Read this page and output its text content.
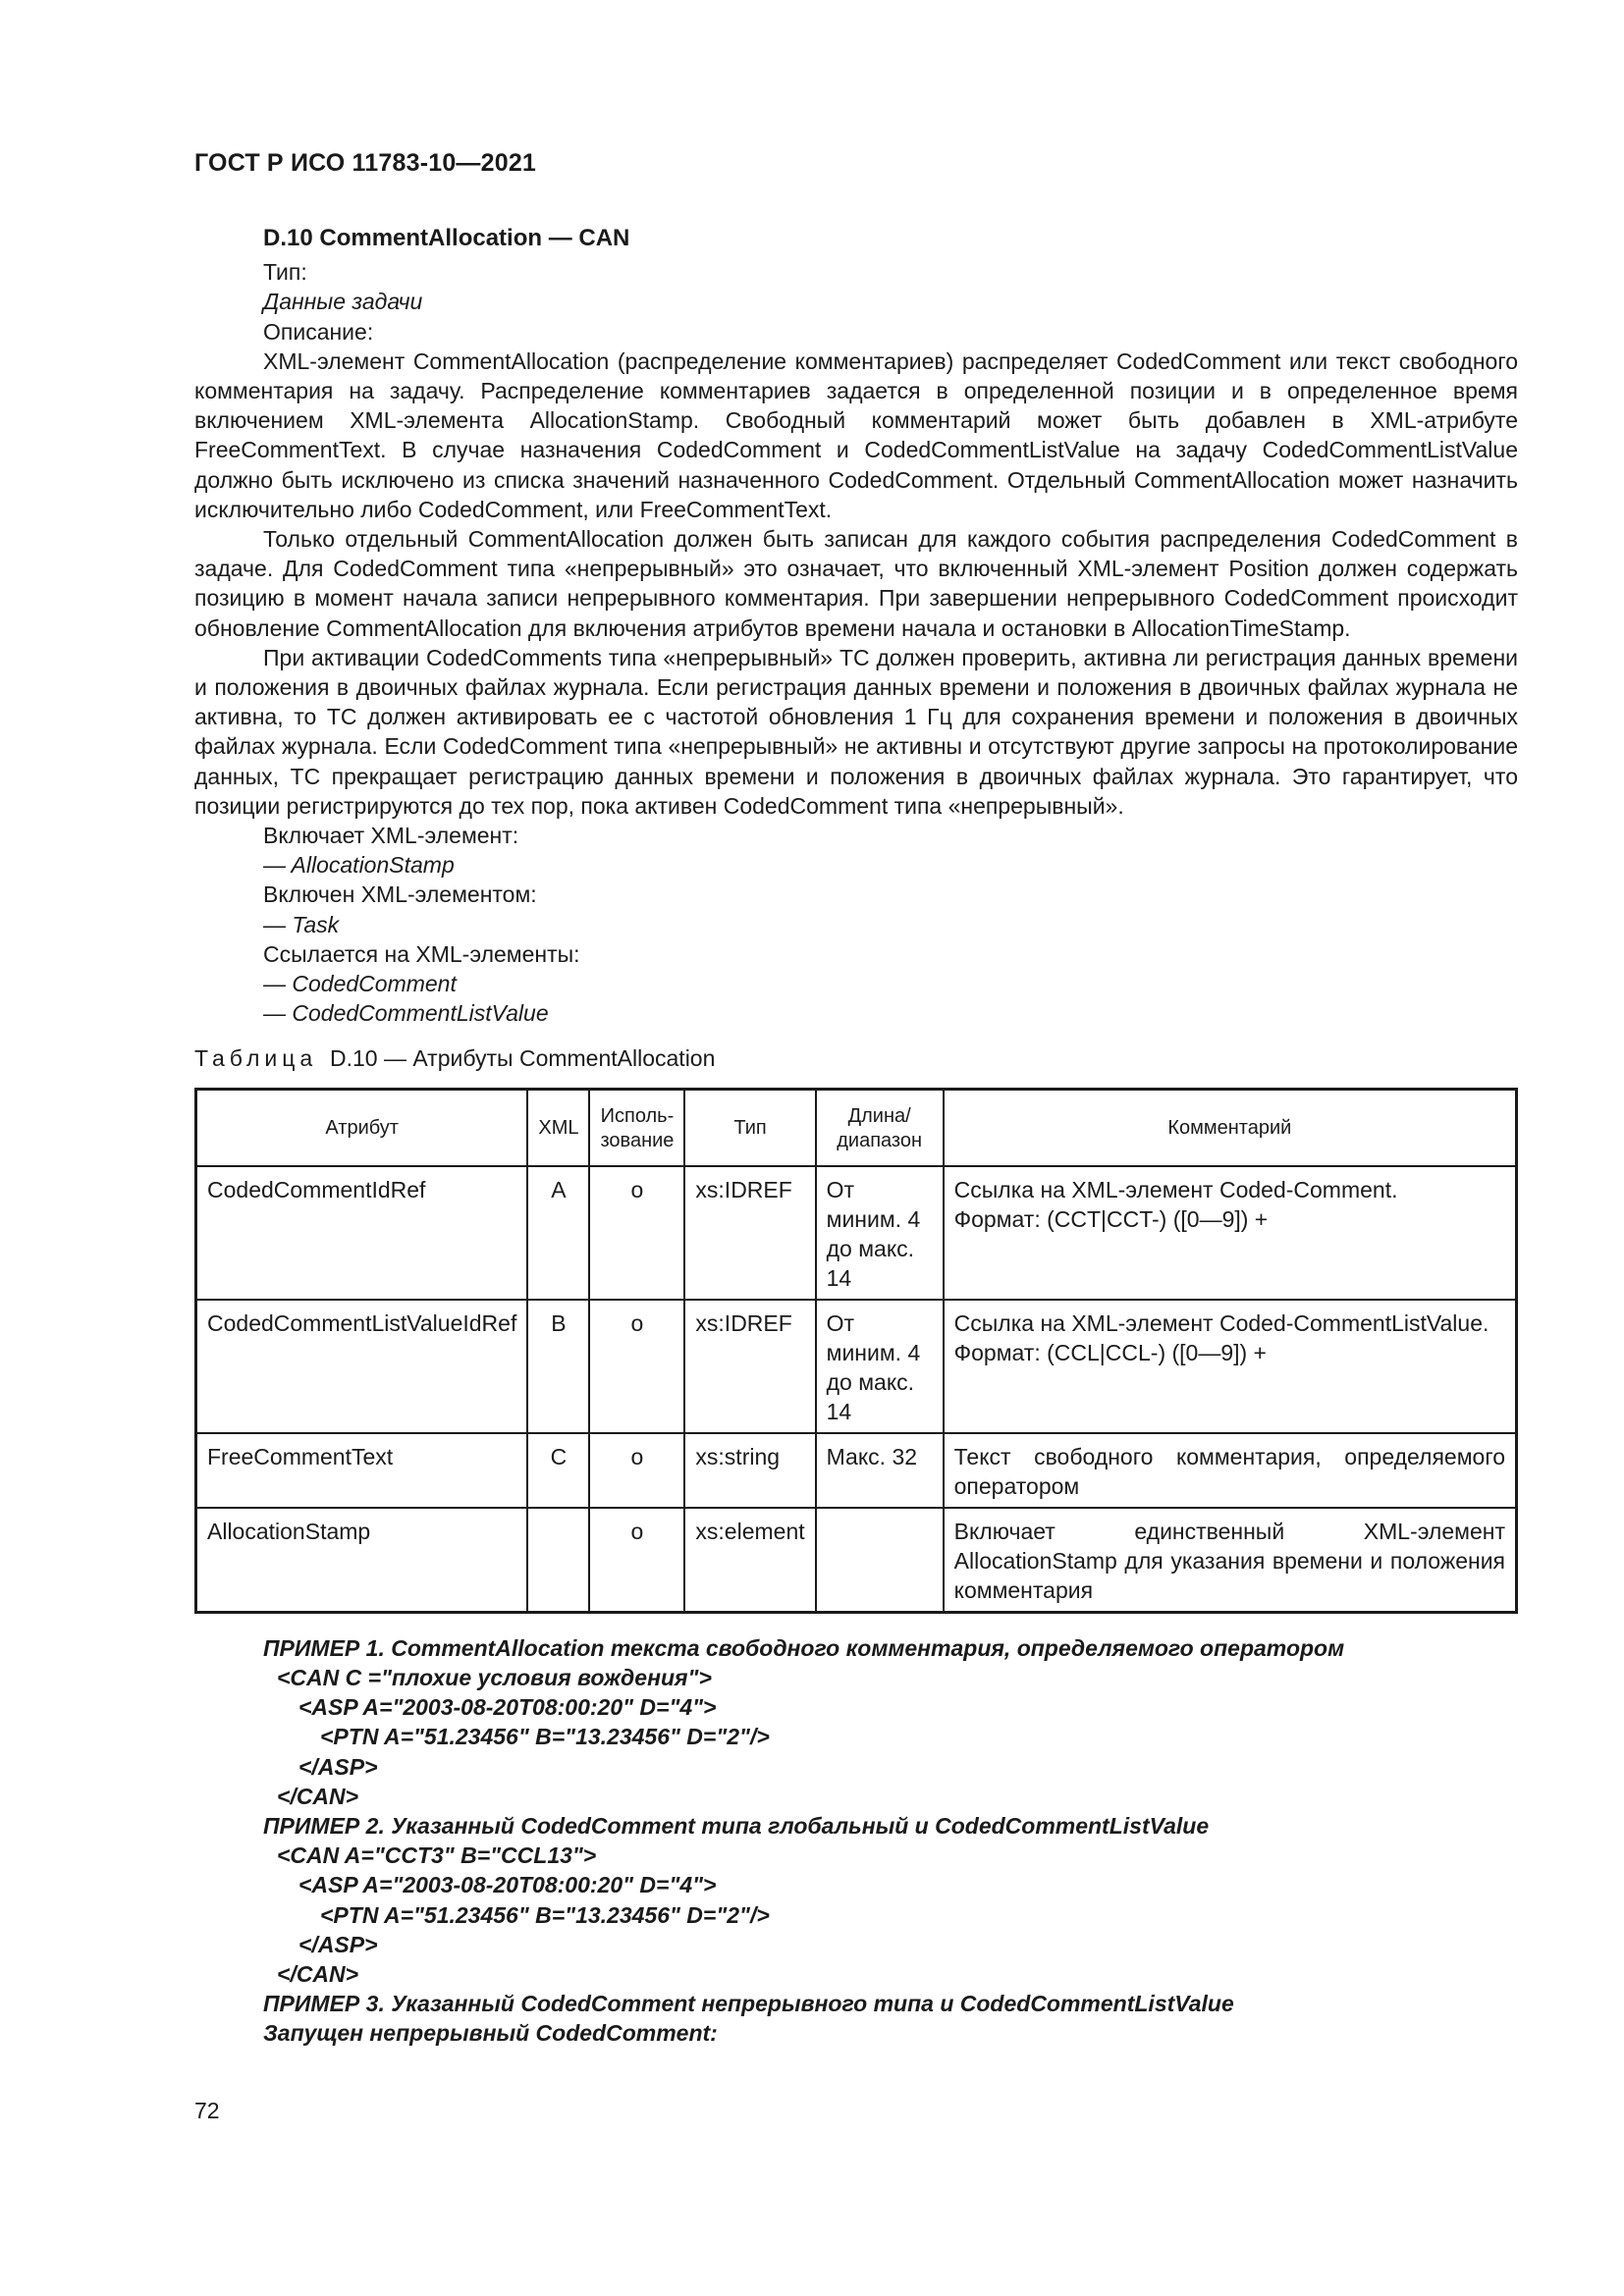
ГОСТ Р ИСО 11783-10—2021

D.10 CommentAllocation — CAN

Тип:

Данные задачи

Описание:

XML-элемент CommentAllocation (распределение комментариев) распределяет CodedComment или текст свободного комментария на задачу. Распределение комментариев задается в определенной позиции и в определенное время включением XML-элемента AllocationStamp. Свободный комментарий может быть добавлен в XML-атрибуте FreeCommentText. В случае назначения CodedComment и CodedCommentListValue на задачу CodedCommentListValue должно быть исключено из списка значений назначенного CodedComment. Отдельный CommentAllocation может назначить исключительно либо CodedComment, или FreeCommentText.

Только отдельный CommentAllocation должен быть записан для каждого события распределения CodedComment в задаче. Для CodedComment типа «непрерывный» это означает, что включенный XML-элемент Position должен содержать позицию в момент начала записи непрерывного комментария. При завершении непрерывного CodedComment происходит обновление CommentAllocation для включения атрибутов времени начала и остановки в AllocationTimeStamp.

При активации CodedComments типа «непрерывный» ТС должен проверить, активна ли регистрация данных времени и положения в двоичных файлах журнала. Если регистрация данных времени и положения в двоичных файлах журнала не активна, то ТС должен активировать ее с частотой обновления 1 Гц для сохранения времени и положения в двоичных файлах журнала. Если CodedComment типа «непрерывный» не активны и отсутствуют другие запросы на протоколирование данных, ТС прекращает регистрацию данных времени и положения в двоичных файлах журнала. Это гарантирует, что позиции регистрируются до тех пор, пока активен CodedComment типа «непрерывный».

Включает XML-элемент:

— AllocationStamp

Включен XML-элементом:

— Task

Ссылается на XML-элементы:

— CodedComment

— CodedCommentListValue

Таблица D.10 — Атрибуты CommentAllocation

Атрибут	XML	Исполь-зование	Тип	Длина/ диапазон	Комментарий
CodedCommentIdRef	A	o	xs:IDREF	От миним. 4 до макс. 14	Ссылка на XML-элемент Coded-Comment.
Формат: (CCT|CCT-) ([0—9]) +
CodedCommentListValueIdRef	B	o	xs:IDREF	От миним. 4 до макс. 14	Ссылка на XML-элемент Coded-CommentListValue.
Формат: (CCL|CCL-) ([0—9]) +
FreeCommentText	C	o	xs:string	Макс. 32	Текст свободного комментария, определяемого оператором
AllocationStamp		o	xs:element		Включает единственный XML-элемент AllocationStamp для указания времени и положения комментария

ПРИМЕР 1. CommentAllocation текста свободного комментария, определяемого оператором

<CAN C ="плохие условия вождения">

<ASP A="2003-08-20T08:00:20" D="4">

<PTN A="51.23456" B="13.23456" D="2"/>

</ASP>

</CAN>

ПРИМЕР 2. Указанный CodedComment типа глобальный и CodedCommentListValue

<CAN A="CCT3" B="CCL13">

<ASP A="2003-08-20T08:00:20" D="4">

<PTN A="51.23456" B="13.23456" D="2"/>

</ASP>

</CAN>

ПРИМЕР 3. Указанный CodedComment непрерывного типа и CodedCommentListValue

Запущен непрерывный CodedComment:

72
